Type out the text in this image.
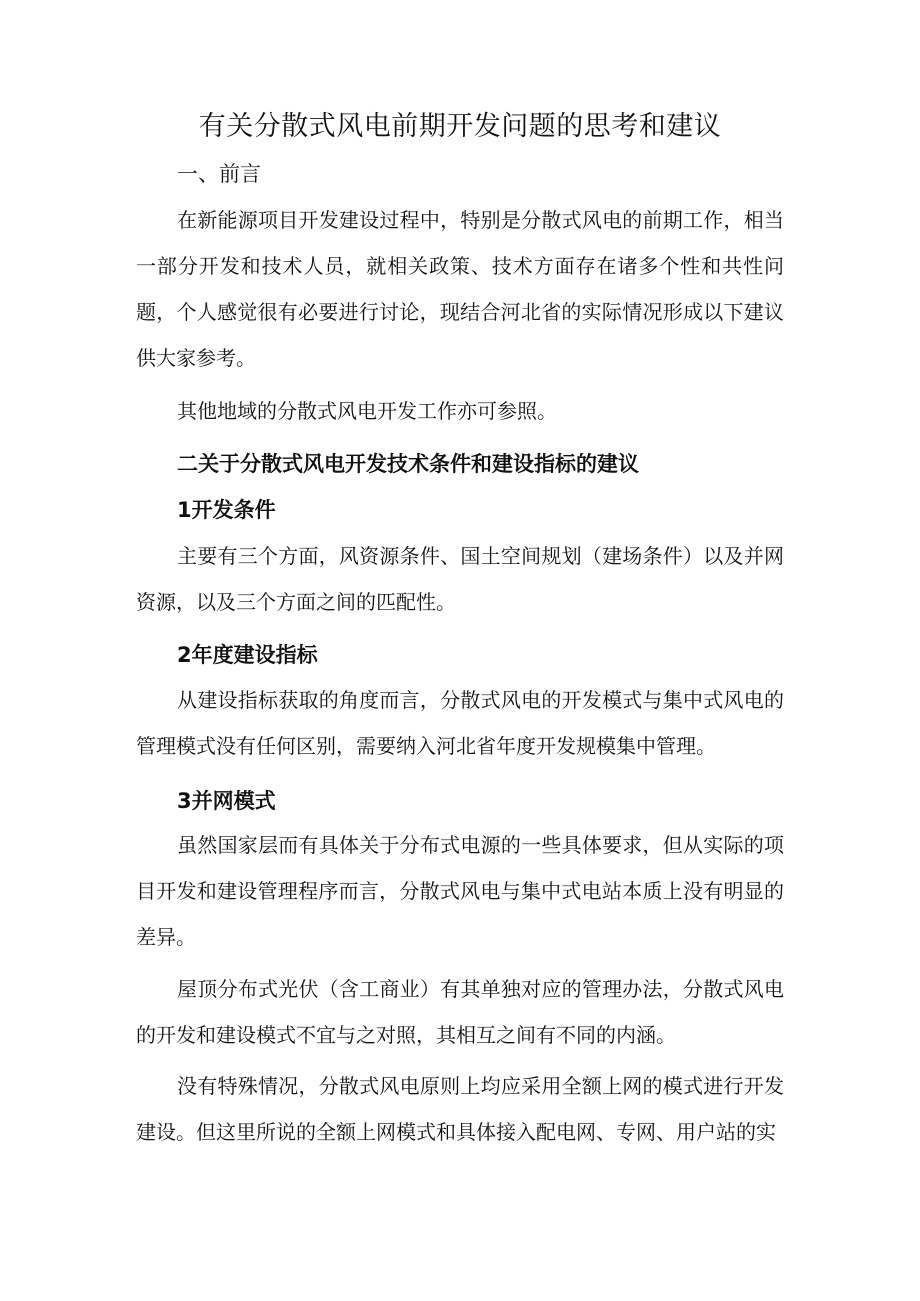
有关分散式风电前期开发问题的思考和建议
一、前言
在新能源项目开发建设过程中，特别是分散式风电的前期工作，相当一部分开发和技术人员，就相关政策、技术方面存在诸多个性和共性问题，个人感觉很有必要进行讨论，现结合河北省的实际情况形成以下建议供大家参考。
其他地域的分散式风电开发工作亦可参照。
二关于分散式风电开发技术条件和建设指标的建议
1开发条件
主要有三个方面，风资源条件、国土空间规划（建场条件）以及并网资源，以及三个方面之间的匹配性。
2年度建设指标
从建设指标获取的角度而言，分散式风电的开发模式与集中式风电的管理模式没有任何区别，需要纳入河北省年度开发规模集中管理。
3并网模式
虽然国家层而有具体关于分布式电源的一些具体要求，但从实际的项目开发和建设管理程序而言，分散式风电与集中式电站本质上没有明显的差异。
屋顶分布式光伏（含工商业）有其单独对应的管理办法，分散式风电的开发和建设模式不宜与之对照，其相互之间有不同的内涵。
没有特殊情况，分散式风电原则上均应采用全额上网的模式进行开发建设。但这里所说的全额上网模式和具体接入配电网、专网、用户站的实
